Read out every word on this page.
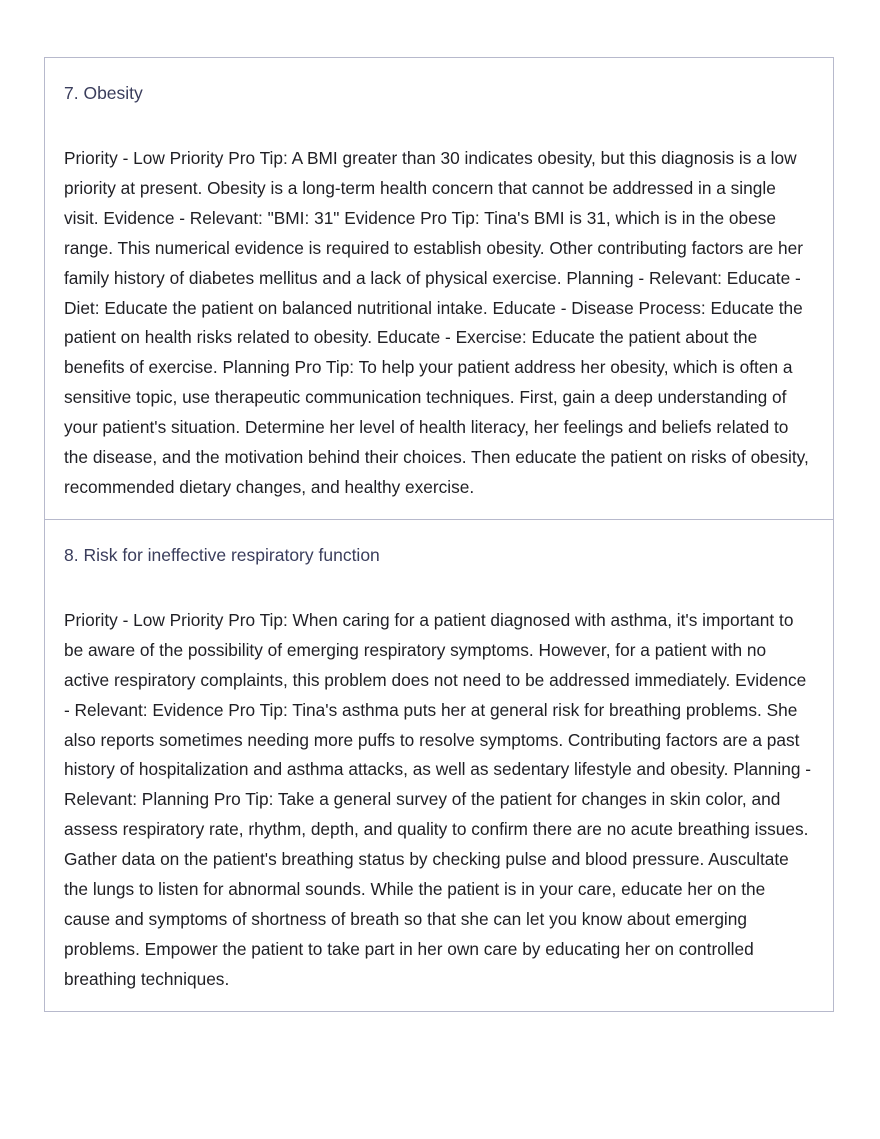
7. Obesity

Priority - Low Priority Pro Tip: A BMI greater than 30 indicates obesity, but this diagnosis is a low priority at present. Obesity is a long-term health concern that cannot be addressed in a single visit. Evidence - Relevant: "BMI: 31" Evidence Pro Tip: Tina's BMI is 31, which is in the obese range. This numerical evidence is required to establish obesity. Other contributing factors are her family history of diabetes mellitus and a lack of physical exercise. Planning - Relevant: Educate - Diet: Educate the patient on balanced nutritional intake. Educate - Disease Process: Educate the patient on health risks related to obesity. Educate - Exercise: Educate the patient about the benefits of exercise. Planning Pro Tip: To help your patient address her obesity, which is often a sensitive topic, use therapeutic communication techniques. First, gain a deep understanding of your patient's situation. Determine her level of health literacy, her feelings and beliefs related to the disease, and the motivation behind their choices. Then educate the patient on risks of obesity, recommended dietary changes, and healthy exercise.

8. Risk for ineffective respiratory function

Priority - Low Priority Pro Tip: When caring for a patient diagnosed with asthma, it's important to be aware of the possibility of emerging respiratory symptoms. However, for a patient with no active respiratory complaints, this problem does not need to be addressed immediately. Evidence - Relevant: Evidence Pro Tip: Tina's asthma puts her at general risk for breathing problems. She also reports sometimes needing more puffs to resolve symptoms. Contributing factors are a past history of hospitalization and asthma attacks, as well as sedentary lifestyle and obesity. Planning - Relevant: Planning Pro Tip: Take a general survey of the patient for changes in skin color, and assess respiratory rate, rhythm, depth, and quality to confirm there are no acute breathing issues. Gather data on the patient's breathing status by checking pulse and blood pressure. Auscultate the lungs to listen for abnormal sounds. While the patient is in your care, educate her on the cause and symptoms of shortness of breath so that she can let you know about emerging problems. Empower the patient to take part in her own care by educating her on controlled breathing techniques.
